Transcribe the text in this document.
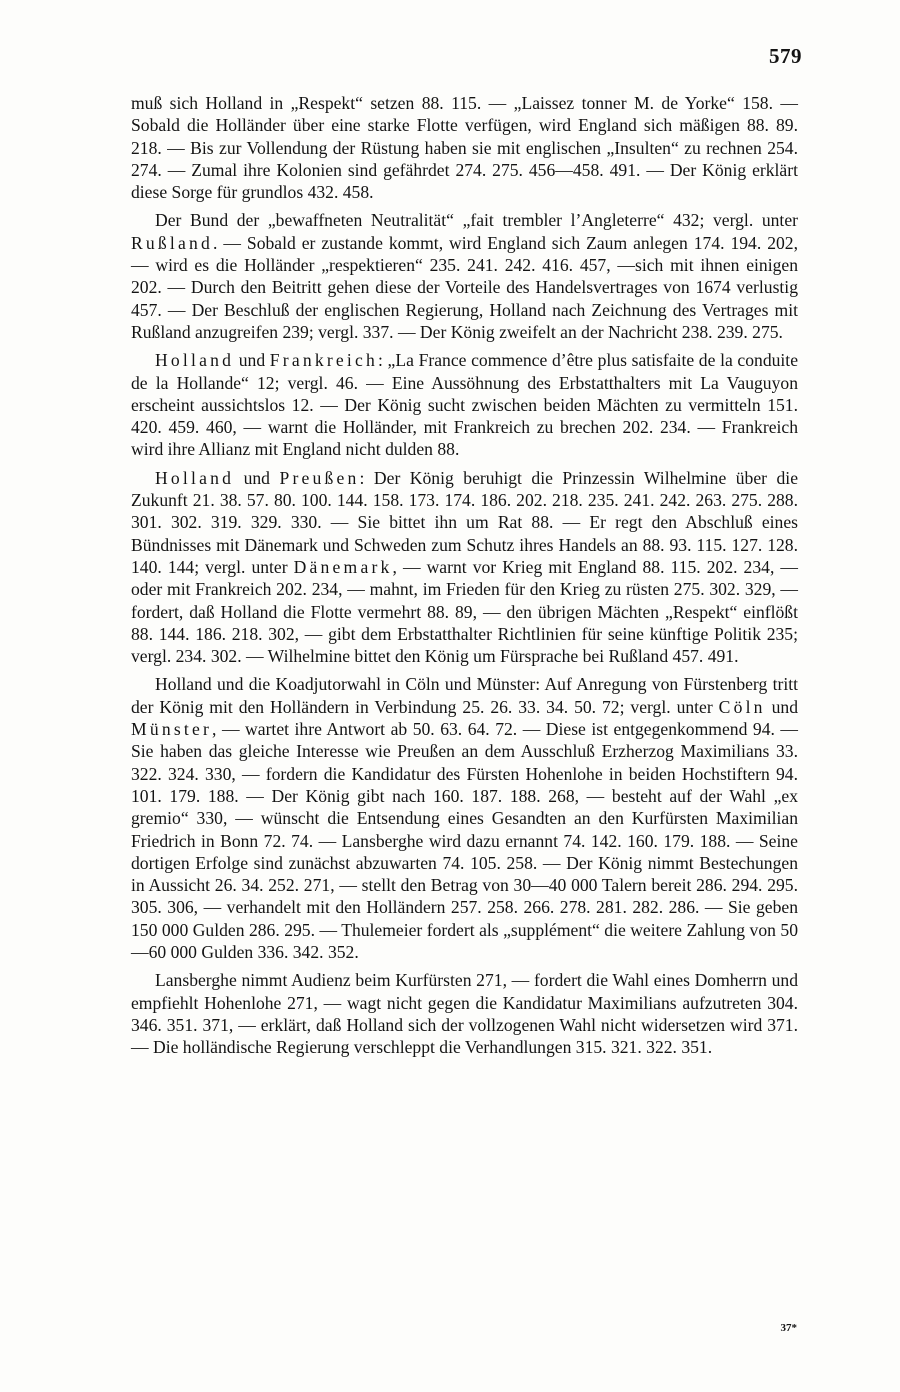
579

muß sich Holland in „Respekt“ setzen 88. 115. — „Laissez tonner M. de Yorke“ 158. — Sobald die Holländer über eine starke Flotte verfügen, wird England sich mäßigen 88. 89. 218. — Bis zur Vollendung der Rüstung haben sie mit englischen „Insulten“ zu rechnen 254. 274. — Zumal ihre Kolonien sind gefährdet 274. 275. 456—458. 491. — Der König erklärt diese Sorge für grundlos 432. 458.

Der Bund der „bewaffneten Neutralität“ „fait trembler l’Angleterre“ 432; vergl. unter Rußland. — Sobald er zustande kommt, wird England sich Zaum anlegen 174. 194. 202, — wird es die Holländer „respektieren“ 235. 241. 242. 416. 457, —sich mit ihnen einigen 202. — Durch den Beitritt gehen diese der Vorteile des Handelsvertrages von 1674 verlustig 457. — Der Beschluß der englischen Regierung, Holland nach Zeichnung des Vertrages mit Rußland anzugreifen 239; vergl. 337. — Der König zweifelt an der Nachricht 238. 239. 275.

Holland und Frankreich: „La France commence d’être plus satisfaite de la conduite de la Hollande“ 12; vergl. 46. — Eine Aussöhnung des Erbstatthalters mit La Vauguyon erscheint aussichtslos 12. — Der König sucht zwischen beiden Mächten zu vermitteln 151. 420. 459. 460, — warnt die Holländer, mit Frankreich zu brechen 202. 234. — Frankreich wird ihre Allianz mit England nicht dulden 88.

Holland und Preußen: Der König beruhigt die Prinzessin Wilhelmine über die Zukunft 21. 38. 57. 80. 100. 144. 158. 173. 174. 186. 202. 218. 235. 241. 242. 263. 275. 288. 301. 302. 319. 329. 330. — Sie bittet ihn um Rat 88. — Er regt den Abschluß eines Bündnisses mit Dänemark und Schweden zum Schutz ihres Handels an 88. 93. 115. 127. 128. 140. 144; vergl. unter Dänemark, — warnt vor Krieg mit England 88. 115. 202. 234, — oder mit Frankreich 202. 234, — mahnt, im Frieden für den Krieg zu rüsten 275. 302. 329, — fordert, daß Holland die Flotte vermehrt 88. 89, — den übrigen Mächten „Respekt“ einflößt 88. 144. 186. 218. 302, — gibt dem Erbstatthalter Richtlinien für seine künftige Politik 235; vergl. 234. 302. — Wilhelmine bittet den König um Fürsprache bei Rußland 457. 491.

Holland und die Koadjutorwahl in Cöln und Münster: Auf Anregung von Fürstenberg tritt der König mit den Holländern in Verbindung 25. 26. 33. 34. 50. 72; vergl. unter Cöln und Münster, — wartet ihre Antwort ab 50. 63. 64. 72. — Diese ist entgegenkommend 94. — Sie haben das gleiche Interesse wie Preußen an dem Ausschluß Erzherzog Maximilians 33. 322. 324. 330, — fordern die Kandidatur des Fürsten Hohenlohe in beiden Hochstiftern 94. 101. 179. 188. — Der König gibt nach 160. 187. 188. 268, — besteht auf der Wahl „ex gremio“ 330, — wünscht die Entsendung eines Gesandten an den Kurfürsten Maximilian Friedrich in Bonn 72. 74. — Lansberghe wird dazu ernannt 74. 142. 160. 179. 188. — Seine dortigen Erfolge sind zunächst abzuwarten 74. 105. 258. — Der König nimmt Bestechungen in Aussicht 26. 34. 252. 271, — stellt den Betrag von 30—40 000 Talern bereit 286. 294. 295. 305. 306, — verhandelt mit den Holländern 257. 258. 266. 278. 281. 282. 286. — Sie geben 150 000 Gulden 286. 295. — Thulemeier fordert als „supplément“ die weitere Zahlung von 50—60 000 Gulden 336. 342. 352.

Lansberghe nimmt Audienz beim Kurfürsten 271, — fordert die Wahl eines Domherrn und empfiehlt Hohenlohe 271, — wagt nicht gegen die Kandidatur Maximilians aufzutreten 304. 346. 351. 371, — erklärt, daß Holland sich der vollzogenen Wahl nicht widersetzen wird 371. — Die holländische Regierung verschleppt die Verhandlungen 315. 321. 322. 351.

37*
